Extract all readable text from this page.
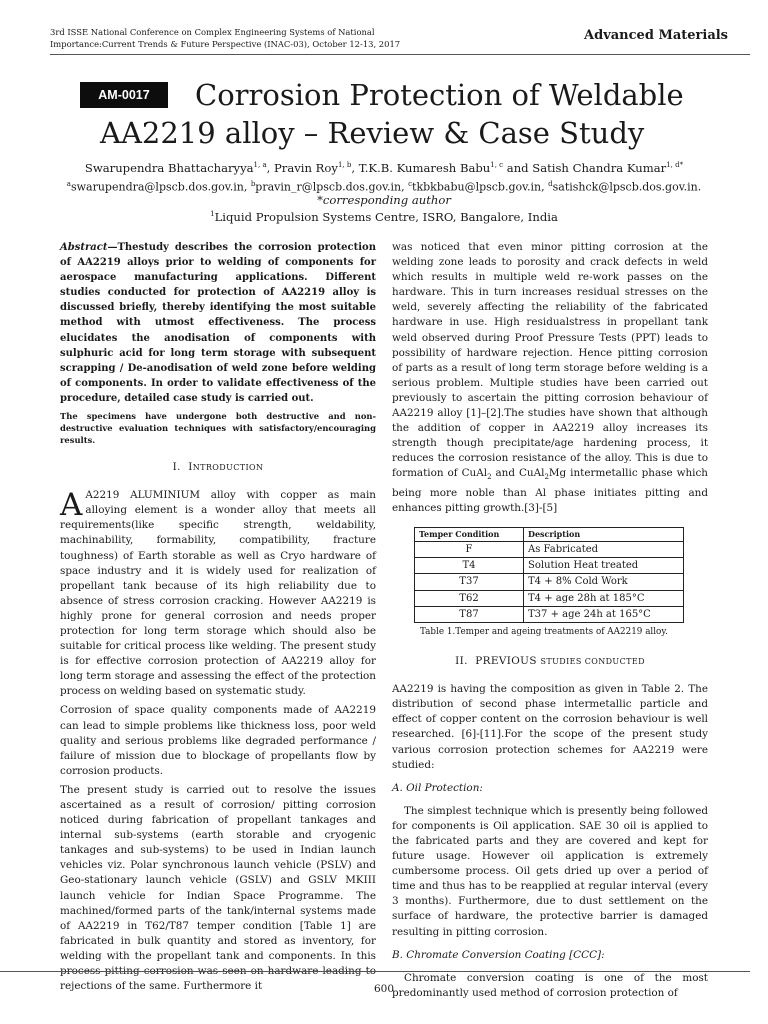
3rd ISSE National Conference on Complex Engineering Systems of National
Importance:Current Trends & Future Perspective (INAC-03), October 12-13, 2017
Advanced Materials
AM-0017	Corrosion Protection of Weldable AA2219 alloy – Review & Case Study
Swarupendra Bhattacharyya$^{1, a}$, Pravin Roy$^{1, b}$, T.K.B. Kumaresh Babu$^{1, c}$ and Satish Chandra Kumar$^{1, d*}$
$^a$swarupendra@lpscb.dos.gov.in, $^b$pravin_r@lpscb.dos.gov.in, $^c$tkbkbabu@lpscb.gov.in, $^d$satishck@lpscb.dos.gov.in.
*corresponding author
$^1$Liquid Propulsion Systems Centre, ISRO, Bangalore, India

Abstract—Thestudy describes the corrosion protection of AA2219 alloys prior to welding of components for aerospace manufacturing applications. Different studies conducted for protection of AA2219 alloy is discussed briefly, thereby identifying the most suitable method with utmost effectiveness. The process elucidates the anodisation of components with sulphuric acid for long term storage with subsequent scrapping / De-anodisation of weld zone before welding of components. In order to validate effectiveness of the procedure, detailed case study is carried out.

The specimens have undergone both destructive and non-destructive evaluation techniques with satisfactory/encouraging results.

I. INTRODUCTION

A A2219 ALUMINIUM alloy with copper as main alloying element is a wonder alloy that meets all requirements(like specific strength, weldability, machinability, formability, compatibility, fracture toughness) of Earth storable as well as Cryo hardware of space industry and it is widely used for realization of propellant tank because of its high reliability due to absence of stress corrosion cracking. However AA2219 is highly prone for general corrosion and needs proper protection for long term storage which should also be suitable for critical process like welding. The present study is for effective corrosion protection of AA2219 alloy for long term storage and assessing the effect of the protection process on welding based on systematic study.

Corrosion of space quality components made of AA2219 can lead to simple problems like thickness loss, poor weld quality and serious problems like degraded performance / failure of mission due to blockage of propellants flow by corrosion products.

The present study is carried out to resolve the issues ascertained as a result of corrosion/ pitting corrosion noticed during fabrication of propellant tankages and internal sub-systems (earth storable and cryogenic tankages and sub-systems) to be used in Indian launch vehicles viz. Polar synchronous launch vehicle (PSLV) and Geo-stationary launch vehicle (GSLV) and GSLV MKIII launch vehicle for Indian Space Programme. The machined/formed parts of the tank/internal systems made of AA2219 in T62/T87 temper condition [Table 1] are fabricated in bulk quantity and stored as inventory, for welding with the propellant tank and components. In this process pitting corrosion was seen on hardware leading to rejections of the same. Furthermore it

was noticed that even minor pitting corrosion at the welding zone leads to porosity and crack defects in weld which results in multiple weld re-work passes on the hardware. This in turn increases residual stresses on the weld, severely affecting the reliability of the fabricated hardware in use. High residualstress in propellant tank weld observed during Proof Pressure Tests (PPT) leads to possibility of hardware rejection. Hence pitting corrosion of parts as a result of long term storage before welding is a serious problem. Multiple studies have been carried out previously to ascertain the pitting corrosion behaviour of AA2219 alloy [1]–[2].The studies have shown that although the addition of copper in AA2219 alloy increases its strength though precipitate/age hardening process, it reduces the corrosion resistance of the alloy. This is due to formation of CuAl$_2$ and CuAl$_2$Mg intermetallic phase which being more noble than Al phase initiates pitting and enhances pitting growth.[3]-[5]

Temper Condition	Description
F	As Fabricated
T4	Solution Heat treated
T37	T4 + 8% Cold Work
T62	T4 + age 28h at 185°C
T87	T37 + age 24h at 165°C

Table 1.Temper and ageing treatments of AA2219 alloy.

II. PREVIOUS STUDIES CONDUCTED

AA2219 is having the composition as given in Table 2. The distribution of second phase intermetallic particle and effect of copper content on the corrosion behaviour is well researched. [6]-[11].For the scope of the present study various corrosion protection schemes for AA2219 were studied:

A. Oil Protection:

The simplest technique which is presently being followed for components is Oil application. SAE 30 oil is applied to the fabricated parts and they are covered and kept for future usage. However oil application is extremely cumbersome process. Oil gets dried up over a period of time and thus has to be reapplied at regular interval (every 3 months). Furthermore, due to dust settlement on the surface of hardware, the protective barrier is damaged resulting in pitting corrosion.

B. Chromate Conversion Coating [CCC]:

Chromate conversion coating is one of the most predominantly used method of corrosion protection of

600
